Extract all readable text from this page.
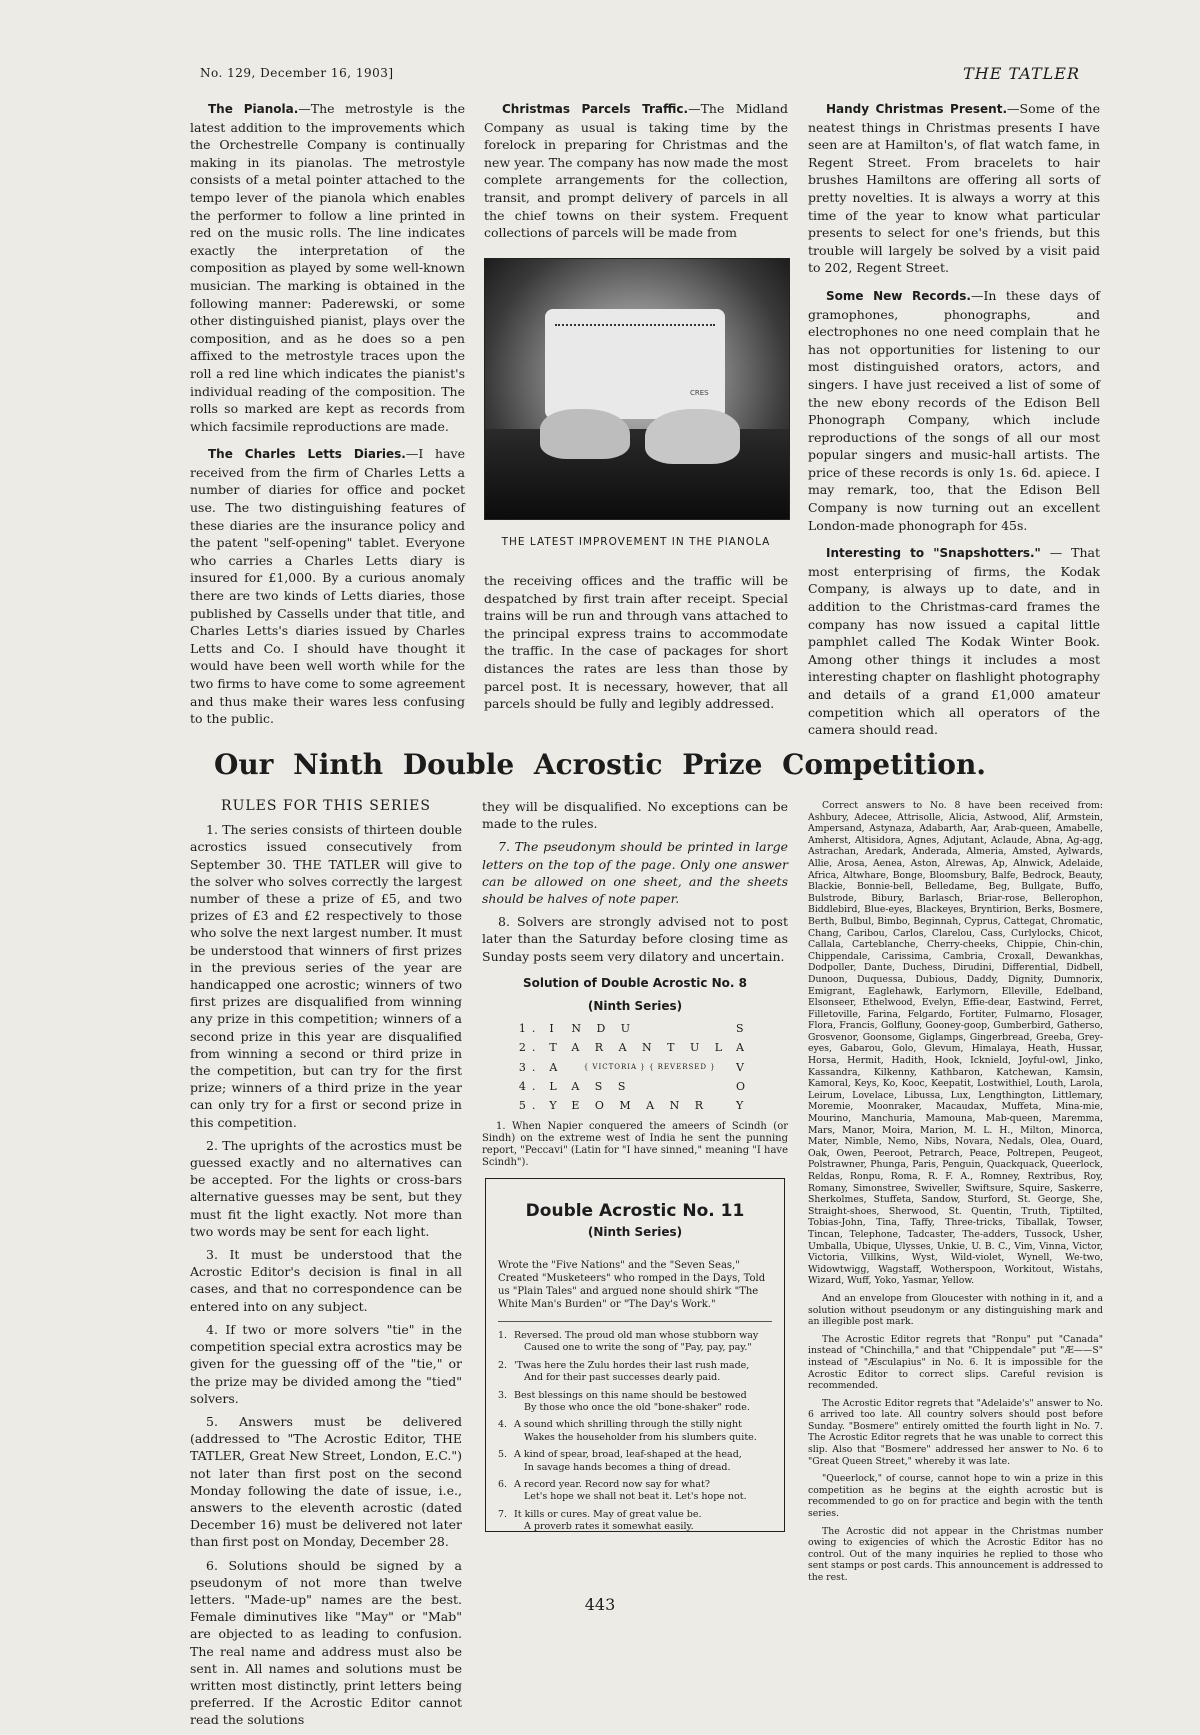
No. 129, December 16, 1903]	THE TATLER

The Pianola.—The metrostyle is the latest addition to the improvements which the Orchestrelle Company is continually making in its pianolas. The metrostyle consists of a metal pointer attached to the tempo lever of the pianola which enables the performer to follow a line printed in red on the music rolls. The line indicates exactly the interpretation of the composition as played by some well-known musician. The marking is obtained in the following manner: Paderewski, or some other distinguished pianist, plays over the composition, and as he does so a pen affixed to the metrostyle traces upon the roll a red line which indicates the pianist's individual reading of the composition. The rolls so marked are kept as records from which facsimile reproductions are made.

The Charles Letts Diaries.—I have received from the firm of Charles Letts a number of diaries for office and pocket use. The two distinguishing features of these diaries are the insurance policy and the patent "self-opening" tablet. Everyone who carries a Charles Letts diary is insured for £1,000. By a curious anomaly there are two kinds of Letts diaries, those published by Cassells under that title, and Charles Letts's diaries issued by Charles Letts and Co. I should have thought it would have been well worth while for the two firms to have come to some agreement and thus make their wares less confusing to the public.

Christmas Parcels Traffic.—The Midland Company as usual is taking time by the forelock in preparing for Christmas and the new year. The company has now made the most complete arrangements for the collection, transit, and prompt delivery of parcels in all the chief towns on their system. Frequent collections of parcels will be made from

CRES
THE LATEST IMPROVEMENT IN THE PIANOLA

the receiving offices and the traffic will be despatched by first train after receipt. Special trains will be run and through vans attached to the principal express trains to accommodate the traffic. In the case of packages for short distances the rates are less than those by parcel post. It is necessary, however, that all parcels should be fully and legibly addressed.

Handy Christmas Present.—Some of the neatest things in Christmas presents I have seen are at Hamilton's, of flat watch fame, in Regent Street. From bracelets to hair brushes Hamiltons are offering all sorts of pretty novelties. It is always a worry at this time of the year to know what particular presents to select for one's friends, but this trouble will largely be solved by a visit paid to 202, Regent Street.

Some New Records.—In these days of gramophones, phonographs, and electrophones no one need complain that he has not opportunities for listening to our most distinguished orators, actors, and singers. I have just received a list of some of the new ebony records of the Edison Bell Phonograph Company, which include reproductions of the songs of all our most popular singers and music-hall artists. The price of these records is only 1s. 6d. apiece. I may remark, too, that the Edison Bell Company is now turning out an excellent London-made phonograph for 45s.

Interesting to "Snapshotters." — That most enterprising of firms, the Kodak Company, is always up to date, and in addition to the Christmas-card frames the company has now issued a capital little pamphlet called The Kodak Winter Book. Among other things it includes a most interesting chapter on flashlight photography and details of a grand £1,000 amateur competition which all operators of the camera should read.

Our Ninth Double Acrostic Prize Competition.
RULES FOR THIS SERIES

1. The series consists of thirteen double acrostics issued consecutively from September 30. THE TATLER will give to the solver who solves correctly the largest number of these a prize of £5, and two prizes of £3 and £2 respectively to those who solve the next largest number. It must be understood that winners of first prizes in the previous series of the year are handicapped one acrostic; winners of two first prizes are disqualified from winning any prize in this competition; winners of a second prize in this year are disqualified from winning a second or third prize in the competition, but can try for the first prize; winners of a third prize in the year can only try for a first or second prize in this competition.

2. The uprights of the acrostics must be guessed exactly and no alternatives can be accepted. For the lights or cross-bars alternative guesses may be sent, but they must fit the light exactly. Not more than two words may be sent for each light.

3. It must be understood that the Acrostic Editor's decision is final in all cases, and that no correspondence can be entered into on any subject.

4. If two or more solvers "tie" in the competition special extra acrostics may be given for the guessing off of the "tie," or the prize may be divided among the "tied" solvers.

5. Answers must be delivered (addressed to "The Acrostic Editor, THE TATLER, Great New Street, London, E.C.") not later than first post on the second Monday following the date of issue, i.e., answers to the eleventh acrostic (dated December 16) must be delivered not later than first post on Monday, December 28.

6. Solutions should be signed by a pseudonym of not more than twelve letters. "Made-up" names are the best. Female diminutives like "May" or "Mab" are objected to as leading to confusion. The real name and address must also be sent in. All names and solutions must be written most distinctly, print letters being preferred. If the Acrostic Editor cannot read the solutions

they will be disqualified. No exceptions can be made to the rules.

7. The pseudonym should be printed in large letters on the top of the page. Only one answer can be allowed on one sheet, and the sheets should be halves of note paper.

8. Solvers are strongly advised not to post later than the Saturday before closing time as Sunday posts seem very dilatory and uncertain.

Solution of Double Acrostic No. 8
(Ninth Series)
1.	I	N D U	S
2.	T	A R A N T U L	A
3.	A	{ VICTORIA } { REVERSED }	V
4.	L	A S S	O
5.	Y	E O M A N R	Y
1. When Napier conquered the ameers of Scindh (or Sindh) on the extreme west of India he sent the punning report, "Peccavi" (Latin for "I have sinned," meaning "I have Scindh").
Double Acrostic No. 11
(Ninth Series)
Wrote the "Five Nations" and the "Seven Seas," Created "Musketeers" who romped in the Days, Told us "Plain Tales" and argued none should shirk "The White Man's Burden" or "The Day's Work."
1. Reversed. The proud old man whose stubborn way
Caused one to write the song of "Pay, pay, pay."
2. 'Twas here the Zulu hordes their last rush made,
And for their past successes dearly paid.
3. Best blessings on this name should be bestowed
By those who once the old "bone-shaker" rode.
4. A sound which shrilling through the stilly night
Wakes the householder from his slumbers quite.
5. A kind of spear, broad, leaf-shaped at the head,
In savage hands becomes a thing of dread.
6. A record year. Record now say for what?
Let's hope we shall not beat it. Let's hope not.
7. It kills or cures. May of great value be.
A proverb rates it somewhat easily.

Correct answers to No. 8 have been received from: Ashbury, Adecee, Attrisolle, Alicia, Astwood, Alif, Armstein, Ampersand, Astynaza, Adabarth, Aar, Arab-queen, Amabelle, Amherst, Altisidora, Agnes, Adjutant, Aclaude, Abna, Ag-agg, Astrachan, Aredark, Anderada, Almeria, Amsted, Aylwards, Allie, Arosa, Aenea, Aston, Alrewas, Ap, Alnwick, Adelaide, Africa, Altwhare, Bonge, Bloomsbury, Balfe, Bedrock, Beauty, Blackie, Bonnie-bell, Belledame, Beg, Bullgate, Buffo, Bulstrode, Bibury, Barlasch, Briar-rose, Bellerophon, Biddlebird, Blue-eyes, Blackeyes, Bryntirion, Berks, Bosmere, Berth, Bulbul, Bimbo, Beginnah, Cyprus, Cattegat, Chromatic, Chang, Caribou, Carlos, Clarelou, Cass, Curlylocks, Chicot, Callala, Carteblanche, Cherry-cheeks, Chippie, Chin-chin, Chippendale, Carissima, Cambria, Croxall, Dewankhas, Dodpoller, Dante, Duchess, Dirudini, Differential, Didbell, Dunoon, Duquessa, Dubious, Daddy, Dignity, Dumnorix, Emigrant, Eaglehawk, Earlymorn, Elleville, Edelband, Elsonseer, Ethelwood, Evelyn, Effie-dear, Eastwind, Ferret, Filletoville, Farina, Felgardo, Fortiter, Fulmarno, Flosager, Flora, Francis, Golfluny, Gooney-goop, Gumberbird, Gatherso, Grosvenor, Goonsome, Giglamps, Gingerbread, Greeba, Grey-eyes, Gabarou, Golo, Glevum, Himalaya, Heath, Hussar, Horsa, Hermit, Hadith, Hook, Icknield, Joyful-owl, Jinko, Kassandra, Kilkenny, Kathbaron, Katchewan, Kamsin, Kamoral, Keys, Ko, Kooc, Keepatit, Lostwithiel, Louth, Larola, Leirum, Lovelace, Libussa, Lux, Lengthington, Littlemary, Moremie, Moonraker, Macaudax, Muffeta, Mina-mie, Mourino, Manchuria, Mamouna, Mab-queen, Maremma, Mars, Manor, Moira, Marion, M. L. H., Milton, Minorca, Mater, Nimble, Nemo, Nibs, Novara, Nedals, Olea, Ouard, Oak, Owen, Peeroot, Petrarch, Peace, Poltrepen, Peugeot, Polstrawner, Phunga, Paris, Penguin, Quackquack, Queerlock, Reldas, Ronpu, Roma, R. F. A., Romney, Rextribus, Roy, Romany, Simonstree, Swiveller, Swiftsure, Squire, Saskerre, Sherkolmes, Stuffeta, Sandow, Sturford, St. George, She, Straight-shoes, Sherwood, St. Quentin, Truth, Tiptilted, Tobias-John, Tina, Taffy, Three-tricks, Tiballak, Towser, Tincan, Telephone, Tadcaster, The-adders, Tussock, Usher, Umballa, Ubique, Ulysses, Unkie, U. B. C., Vim, Vinna, Victor, Victoria, Villkins, Wyst, Wild-violet, Wynell, We-two, Widowtwigg, Wagstaff, Wotherspoon, Workitout, Wistahs, Wizard, Wuff, Yoko, Yasmar, Yellow.

And an envelope from Gloucester with nothing in it, and a solution without pseudonym or any distinguishing mark and an illegible post mark.

The Acrostic Editor regrets that "Ronpu" put "Canada" instead of "Chinchilla," and that "Chippendale" put "Æ——S" instead of "Æsculapius" in No. 6. It is impossible for the Acrostic Editor to correct slips. Careful revision is recommended.

The Acrostic Editor regrets that "Adelaide's" answer to No. 6 arrived too late. All country solvers should post before Sunday. "Bosmere" entirely omitted the fourth light in No. 7. The Acrostic Editor regrets that he was unable to correct this slip. Also that "Bosmere" addressed her answer to No. 6 to "Great Queen Street," whereby it was late.

"Queerlock," of course, cannot hope to win a prize in this competition as he begins at the eighth acrostic but is recommended to go on for practice and begin with the tenth series.

The Acrostic did not appear in the Christmas number owing to exigencies of which the Acrostic Editor has no control. Out of the many inquiries he replied to those who sent stamps or post cards. This announcement is addressed to the rest.

443
